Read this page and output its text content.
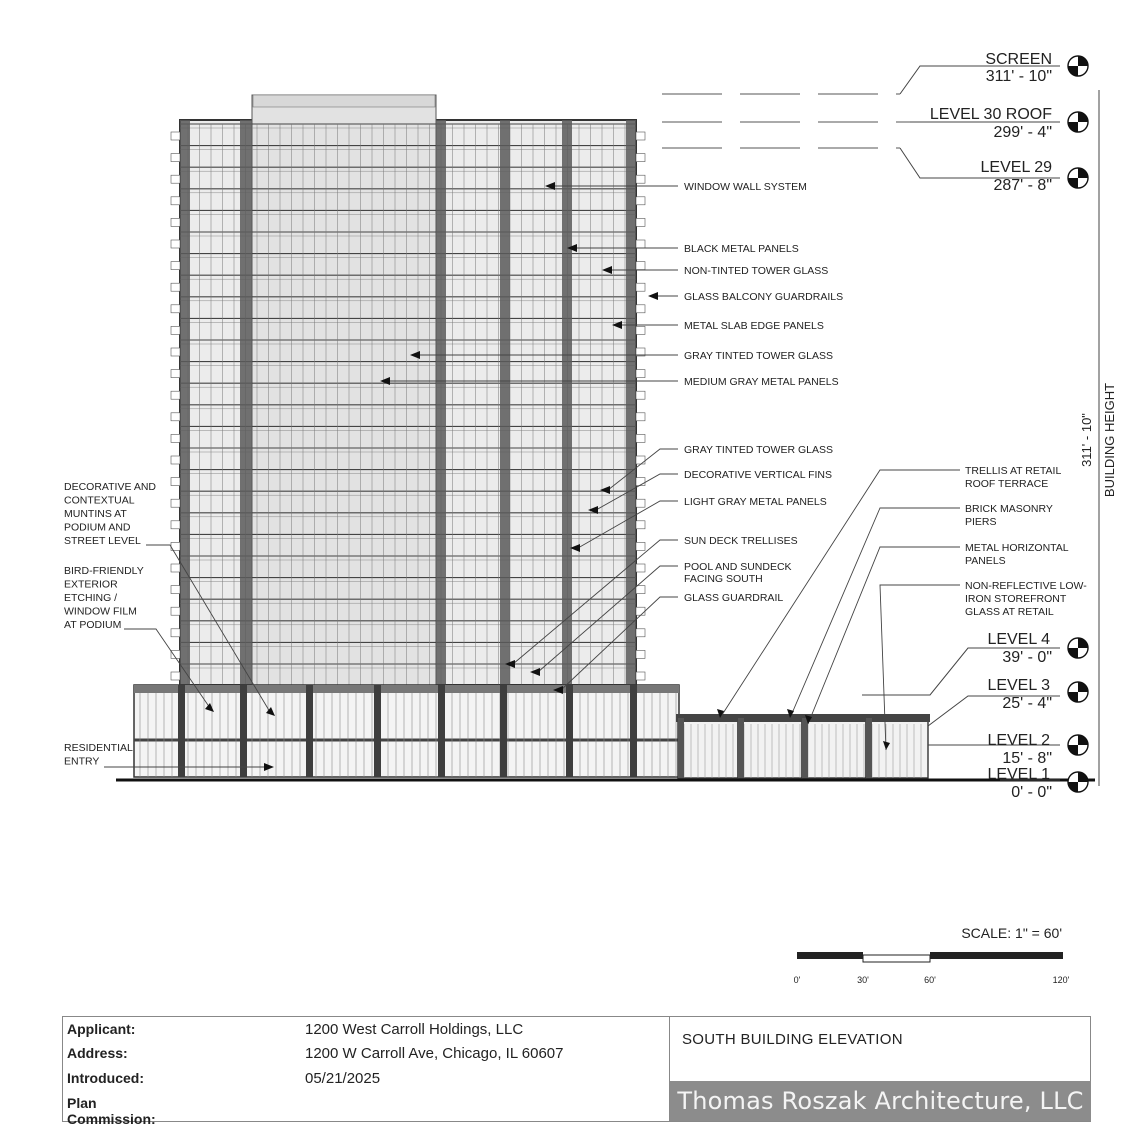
SCREEN
311' - 10"
LEVEL 30 ROOF
299' - 4"
LEVEL 29
287' - 8"
LEVEL 4
39' - 0"
LEVEL 3
25' - 4"
LEVEL 2
15' - 8"
LEVEL 1
0' - 0"
311' - 10" BUILDING HEIGHT
WINDOW WALL SYSTEM
BLACK METAL PANELS
NON-TINTED TOWER GLASS
GLASS BALCONY GUARDRAILS
METAL SLAB EDGE PANELS
GRAY TINTED TOWER GLASS
MEDIUM GRAY METAL PANELS
GRAY TINTED TOWER GLASS
DECORATIVE VERTICAL FINS
LIGHT GRAY METAL PANELS
SUN DECK TRELLISES
POOL AND SUNDECK
FACING SOUTH
GLASS GUARDRAIL
TRELLIS AT RETAIL
ROOF TERRACE
BRICK MASONRY
PIERS
METAL HORIZONTAL
PANELS
NON-REFLECTIVE LOW-
IRON STOREFRONT
GLASS AT RETAIL
DECORATIVE AND
CONTEXTUAL
MUNTINS AT
PODIUM AND
STREET LEVEL
BIRD-FRIENDLY
EXTERIOR
ETCHING /
WINDOW FILM
AT PODIUM
RESIDENTIAL
ENTRY
SCALE: 1" = 60'
0'	30'	60'	120'
Applicant:	1200 West Carroll Holdings, LLC
Address:	1200 W Carroll Ave, Chicago, IL 60607
Introduced:	05/21/2025
Plan Commission:
SOUTH BUILDING ELEVATION
Thomas Roszak Architecture, LLC
